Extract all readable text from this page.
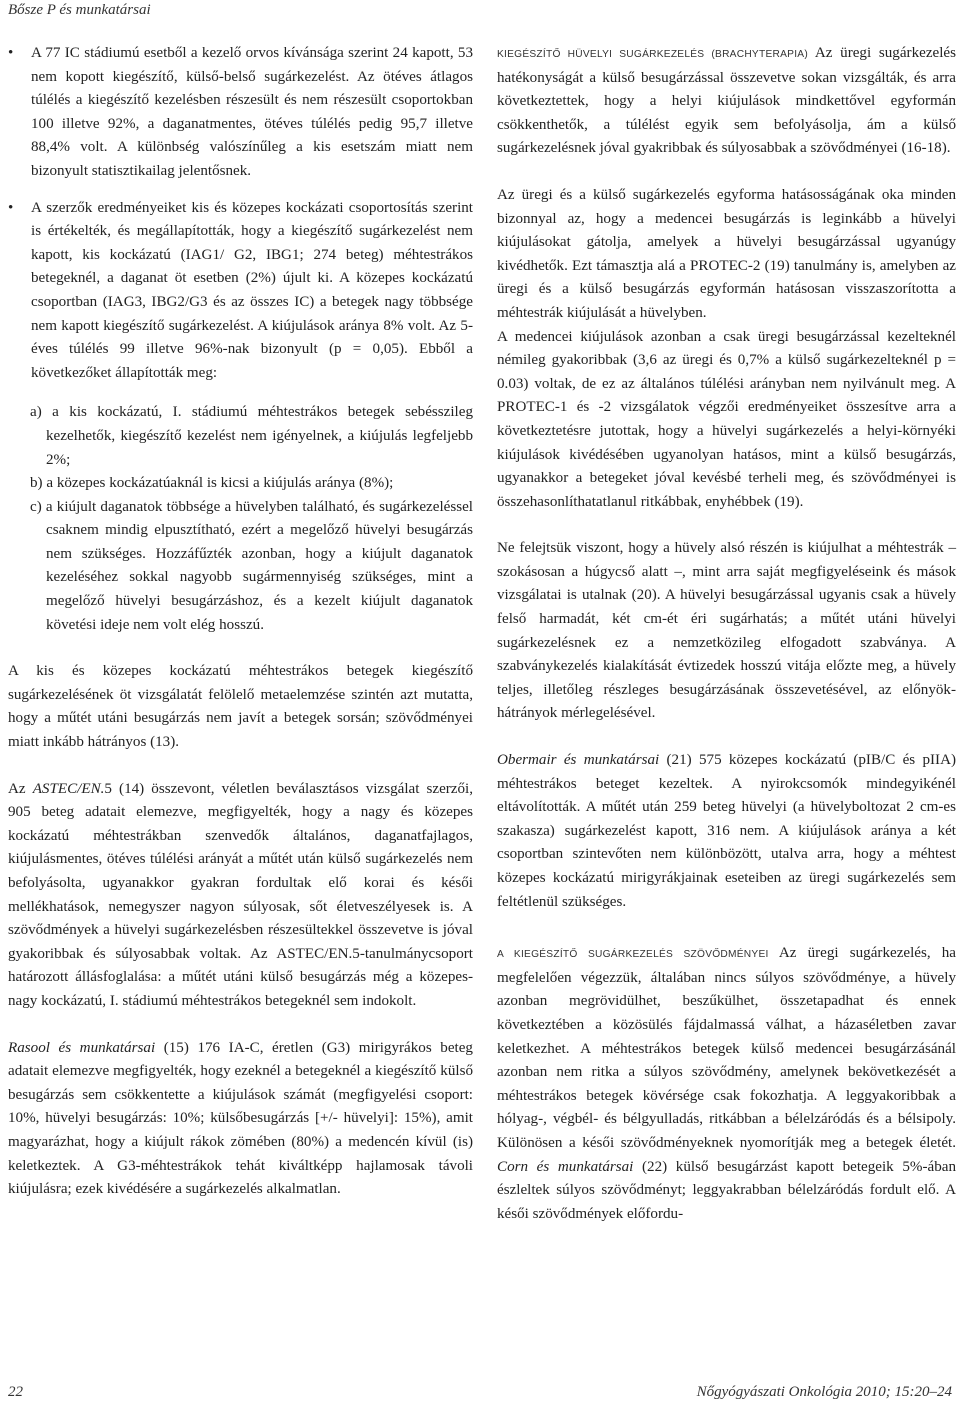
Bősze P és munkatársai
• A 77 IC stádiumú esetből a kezelő orvos kívánsága szerint 24 kapott, 53 nem kopott kiegészítő, külső-belső sugárkezelést. Az ötéves átlagos túlélés a kiegészítő kezelésben részesült és nem részesült csoportokban 100 illetve 92%, a daganatmentes, ötéves túlélés pedig 95,7 illetve 88,4% volt. A különbség valószínűleg a kis esetszám miatt nem bizonyult statisztikailag jelentősnek.

• A szerzők eredményeiket kis és közepes kockázati csoportosítás szerint is értékelték, és megállapították, hogy a kiegészítő sugárkezelést nem kapott, kis kockázatú (IAG1/ G2, IBG1; 274 beteg) méhtestrákos betegeknél, a daganat öt esetben (2%) újult ki. A közepes kockázatú csoportban (IAG3, IBG2/G3 és az összes IC) a betegek nagy többsége nem kapott kiegészítő sugárkezelést. A kiújulások aránya 8% volt. Az 5-éves túlélés 99 illetve 96%-nak bizonyult (p = 0,05). Ebből a következőket állapították meg:

a) a kis kockázatú, I. stádiumú méhtestrákos betegek sebésszileg kezelhetők, kiegészítő kezelést nem igényelnek, a kiújulás legfeljebb 2%;

b) a közepes kockázatúaknál is kicsi a kiújulás aránya (8%);

c) a kiújult daganatok többsége a hüvelyben található, és sugárkezeléssel csaknem mindig elpusztítható, ezért a megelőző hüvelyi besugárzás nem szükséges. Hozzáfűzték azonban, hogy a kiújult daganatok kezeléséhez sokkal nagyobb sugármennyiség szükséges, mint a megelőző hüvelyi besugárzáshoz, és a kezelt kiújult daganatok követési ideje nem volt elég hosszú.

A kis és közepes kockázatú méhtestrákos betegek kiegészítő sugárkezelésének öt vizsgálatát felölelő metaelemzése szintén azt mutatta, hogy a műtét utáni besugárzás nem javít a betegek sorsán; szövődményei miatt inkább hátrányos (13).

Az ASTEC/EN.5 (14) összevont, véletlen beválasztásos vizsgálat szerzői, 905 beteg adatait elemezve, megfigyelték, hogy a nagy és közepes kockázatú méhtestrákban szenvedők általános, daganatfajlagos, kiújulásmentes, ötéves túlélési arányát a műtét után külső sugárkezelés nem befolyásolta, ugyanakkor gyakran fordultak elő korai és késői mellékhatások, nemegyszer nagyon súlyosak, sőt életveszélyesek is. A szövődmények a hüvelyi sugárkezelésben részesültekkel összevetve is jóval gyakoribbak és súlyosabbak voltak. Az ASTEC/EN.5-tanulmánycsoport határozott állásfoglalása: a műtét utáni külső besugárzás még a közepes-nagy kockázatú, I. stádiumú méhtestrákos betegeknél sem indokolt.

Rasool és munkatársai (15) 176 IA-C, éretlen (G3) mirigyrákos beteg adatait elemezve megfigyelték, hogy ezeknél a betegeknél a kiegészítő külső besugárzás sem csökkentette a kiújulások számát (megfigyelési csoport: 10%, hüvelyi besugárzás: 10%; külsőbesugárzás [+/- hüvelyi]: 15%), amit magyarázhat, hogy a kiújult rákok zömében (80%) a medencén kívül (is) keletkeztek. A G3-méhtestrákok tehát kiváltképp hajlamosak távoli kiújulásra; ezek kivédésére a sugárkezelés alkalmatlan.

KIEGÉSZÍTŐ HÜVELYI SUGÁRKEZELÉS (BRACHYTERAPIA) Az üregi sugárkezelés hatékonyságát a külső besugárzással összevetve sokan vizsgálták, és arra következtettek, hogy a helyi kiújulások mindkettővel egyformán csökkenthetők, a túlélést egyik sem befolyásolja, ám a külső sugárkezelésnek jóval gyakribbak és súlyosabbak a szövődményei (16-18).

Az üregi és a külső sugárkezelés egyforma hatásosságának oka minden bizonnyal az, hogy a medencei besugárzás is leginkább a hüvelyi kiújulásokat gátolja, amelyek a hüvelyi besugárzással ugyanúgy kivédhetők. Ezt támasztja alá a PROTEC-2 (19) tanulmány is, amelyben az üregi és a külső besugárzás egyformán hatásosan visszaszorította a méhtestrák kiújulását a hüvelyben.

A medencei kiújulások azonban a csak üregi besugárzással kezelteknél némileg gyakoribbak (3,6 az üregi és 0,7% a külső sugárkezelteknél p = 0.03) voltak, de ez az általános túlélési arányban nem nyilvánult meg. A PROTEC-1 és -2 vizsgálatok végzői eredményeiket összesítve arra a következtetésre jutottak, hogy a hüvelyi sugárkezelés a helyi-környéki kiújulások kivédésében ugyanolyan hatásos, mint a külső besugárzás, ugyanakkor a betegeket jóval kevésbé terheli meg, és szövődményei is összehasonlíthatatlanul ritkábbak, enyhébbek (19).

Ne felejtsük viszont, hogy a hüvely alsó részén is kiújulhat a méhtestrák – szokásosan a húgycső alatt –, mint arra saját megfigyeléseink és mások vizsgálatai is utalnak (20). A hüvelyi besugárzással ugyanis csak a hüvely felső harmadát, két cm-ét éri sugárhatás; a műtét utáni hüvelyi sugárkezelésnek ez a nemzetközileg elfogadott szabványa. A szabványkezelés kialakítását évtizedek hosszú vitája előzte meg, a hüvely teljes, illetőleg részleges besugárzásának összevetésével, az előnyök-hátrányok mérlegelésével.

Obermair és munkatársai (21) 575 közepes kockázatú (pIB/C és pIIA) méhtestrákos beteget kezeltek. A nyirokcsomók mindegyikénél eltávolították. A műtét után 259 beteg hüvelyi (a hüvelyboltozat 2 cm-es szakasza) sugárkezelést kapott, 316 nem. A kiújulások aránya a két csoportban szintevőten nem különbözött, utalva arra, hogy a méhtest közepes kockázatú mirigyrákjainak eseteiben az üregi sugárkezelés sem feltétlenül szükséges.

A KIEGÉSZÍTŐ SUGÁRKEZELÉS SZÖVŐDMÉNYEI Az üregi sugárkezelés, ha megfelelően végezzük, általában nincs súlyos szövődménye, a hüvely azonban megrövidülhet, beszűkülhet, összetapadhat és ennek következtében a közösülés fájdalmassá válhat, a házaséletben zavar keletkezhet. A méhtestrákos betegek külső medencei besugárzásánál azonban nem ritka a súlyos szövődmény, amelynek bekövetkezését a méhtestrákos betegek kövérsége csak fokozhatja. A leggyakoribbak a hólyag-, végbél- és bélgyulladás, ritkábban a bélelzáródás és a bélsipoly. Különösen a késői szövődményeknek nyomorítják meg a betegek életét. Corn és munkatársai (22) külső besugárzást kapott betegeik 5%-ában észleltek súlyos szövődményt; leggyakrabban bélelzáródás fordult elő. A késői szövődmények előfordu-

22	Nőgyógyászati Onkológia 2010; 15:20–24
